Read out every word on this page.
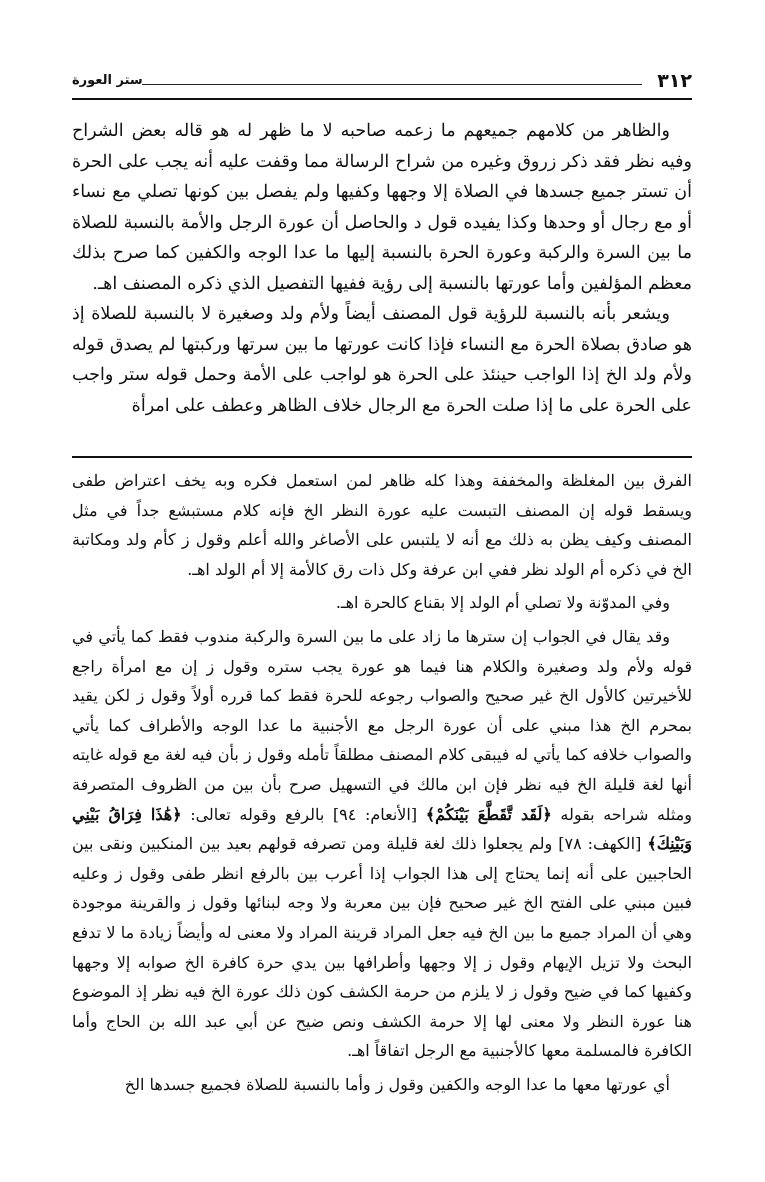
٣١٢
ستر العورة

والظاهر من كلامهم جميعهم ما زعمه صاحبه لا ما ظهر له هو قاله بعض الشراح وفيه نظر فقد ذكر زروق وغيره من شراح الرسالة مما وقفت عليه أنه يجب على الحرة أن تستر جميع جسدها في الصلاة إلا وجهها وكفيها ولم يفصل بين كونها تصلي مع نساء أو مع رجال أو وحدها وكذا يفيده قول د والحاصل أن عورة الرجل والأمة بالنسبة للصلاة ما بين السرة والركبة وعورة الحرة بالنسبة إليها ما عدا الوجه والكفين كما صرح بذلك معظم المؤلفين وأما عورتها بالنسبة إلى رؤية ففيها التفصيل الذي ذكره المصنف اهـ.

ويشعر بأنه بالنسبة للرؤية قول المصنف أيضاً ولأم ولد وصغيرة لا بالنسبة للصلاة إذ هو صادق بصلاة الحرة مع النساء فإذا كانت عورتها ما بين سرتها وركبتها لم يصدق قوله ولأم ولد الخ إذا الواجب حينئذ على الحرة هو لواجب على الأمة وحمل قوله ستر واجب على الحرة على ما إذا صلت الحرة مع الرجال خلاف الظاهر وعطف على امرأة

الفرق بين المغلظة والمخففة وهذا كله ظاهر لمن استعمل فكره وبه يخف اعتراض طفى ويسقط قوله إن المصنف التبست عليه عورة النظر الخ فإنه كلام مستبشع جداً في مثل المصنف وكيف يظن به ذلك مع أنه لا يلتبس على الأصاغر والله أعلم وقول ز كأم ولد ومكاتبة الخ في ذكره أم الولد نظر ففي ابن عرفة وكل ذات رق كالأمة إلا أم الولد اهـ.

وفي المدوّنة ولا تصلي أم الولد إلا بقناع كالحرة اهـ.

وقد يقال في الجواب إن سترها ما زاد على ما بين السرة والركبة مندوب فقط كما يأتي في قوله ولأم ولد وصغيرة والكلام هنا فيما هو عورة يجب ستره وقول ز إن مع امرأة راجع للأخيرتين كالأول الخ غير صحيح والصواب رجوعه للحرة فقط كما قرره أولاً وقول ز لكن يقيد بمحرم الخ هذا مبني على أن عورة الرجل مع الأجنبية ما عدا الوجه والأطراف كما يأتي والصواب خلافه كما يأتي له فيبقى كلام المصنف مطلقاً تأمله وقول ز بأن فيه لغة مع قوله غايته أنها لغة قليلة الخ فيه نظر فإن ابن مالك في التسهيل صرح بأن بين من الظروف المتصرفة ومثله شراحه بقوله ﴿لَقَد تَّقَطَّعَ بَيْنَكُمْ﴾ [الأنعام: ٩٤] بالرفع وقوله تعالى: ﴿هَٰذَا فِرَاقُ بَيْنِي وَبَيْنِكَ﴾ [الكهف: ٧٨] ولم يجعلوا ذلك لغة قليلة ومن تصرفه قولهم بعيد بين المنكبين ونقى بين الحاجبين على أنه إنما يحتاج إلى هذا الجواب إذا أعرب بين بالرفع انظر طفى وقول ز وعليه فبين مبني على الفتح الخ غير صحيح فإن بين معربة ولا وجه لبنائها وقول ز والقرينة موجودة وهي أن المراد جميع ما بين الخ فيه جعل المراد قرينة المراد ولا معنى له وأيضاً زيادة ما لا تدفع البحث ولا تزيل الإيهام وقول ز إلا وجهها وأطرافها بين يدي حرة كافرة الخ صوابه إلا وجهها وكفيها كما في ضيح وقول ز لا يلزم من حرمة الكشف كون ذلك عورة الخ فيه نظر إذ الموضوع هنا عورة النظر ولا معنى لها إلا حرمة الكشف ونص ضيح عن أبي عبد الله بن الحاج وأما الكافرة فالمسلمة معها كالأجنبية مع الرجل اتفاقاً اهـ.

أي عورتها معها ما عدا الوجه والكفين وقول ز وأما بالنسبة للصلاة فجميع جسدها الخ
